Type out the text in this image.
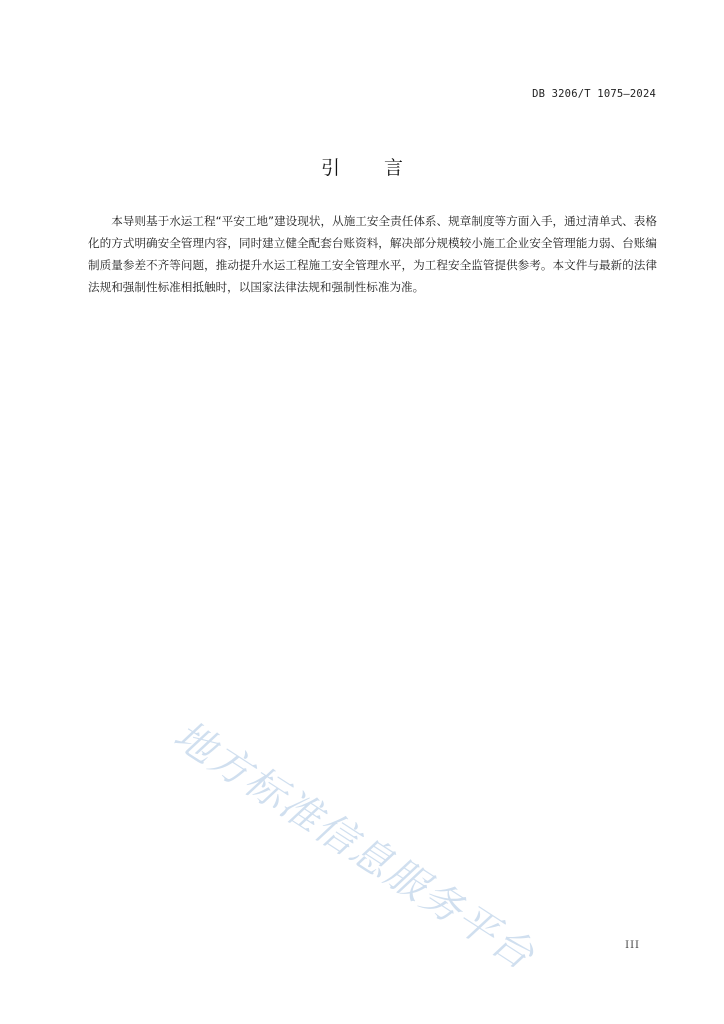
DB 3206/T 1075—2024
引 言

本导则基于水运工程“平安工地”建设现状，从施工安全责任体系、规章制度等方面入手，通过清单式、表格化的方式明确安全管理内容，同时建立健全配套台账资料，解决部分规模较小施工企业安全管理能力弱、台账编制质量参差不齐等问题，推动提升水运工程施工安全管理水平，为工程安全监管提供参考。本文件与最新的法律法规和强制性标准相抵触时，以国家法律法规和强制性标准为准。

地方标准信息服务平台	III
